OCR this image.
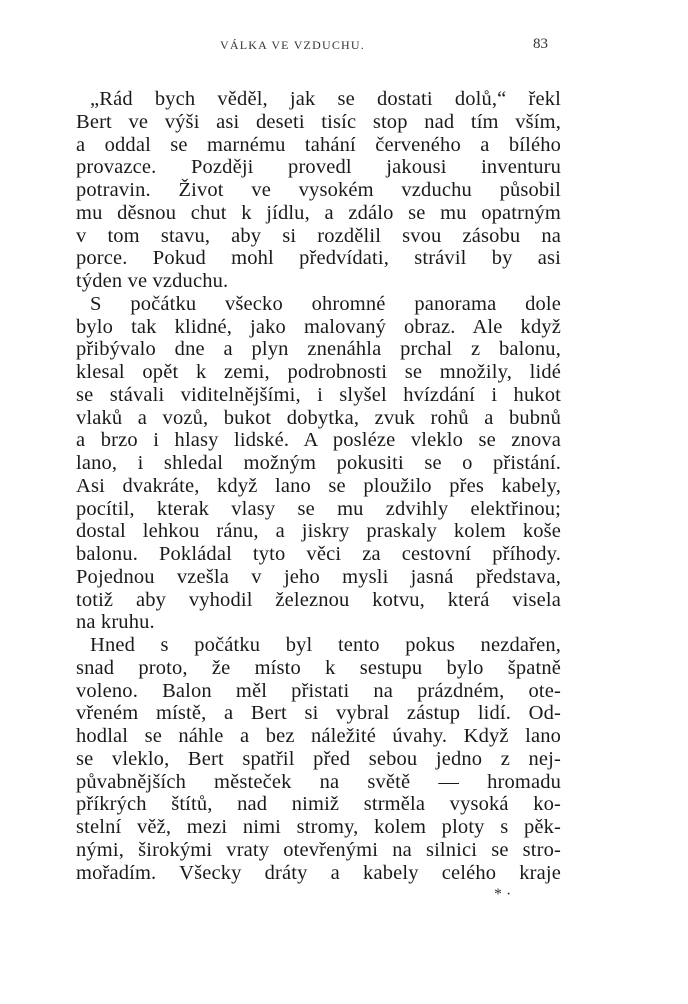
VÁLKA VE VZDUCHU.	83
„Rád bych věděl, jak se dostati dolů,“ řekl
Bert ve výši asi deseti tisíc stop nad tím vším,
a oddal se marnému tahání červeného a bílého
provazce. Později provedl jakousi inventuru
potravin. Život ve vysokém vzduchu působil
mu děsnou chut k jídlu, a zdálo se mu opatrným
v tom stavu, aby si rozdělil svou zásobu na
porce. Pokud mohl předvídati, strávil by asi
týden ve vzduchu.
S počátku všecko ohromné panorama dole
bylo tak klidné, jako malovaný obraz. Ale když
přibývalo dne a plyn znenáhla prchal z balonu,
klesal opět k zemi, podrobnosti se množily, lidé
se stávali viditelnějšími, i slyšel hvízdání i hukot
vlaků a vozů, bukot dobytka, zvuk rohů a bubnů
a brzo i hlasy lidské. A posléze vleklo se znova
lano, i shledal možným pokusiti se o přistání.
Asi dvakráte, když lano se ploužilo přes kabely,
pocítil, kterak vlasy se mu zdvihly elektřinou;
dostal lehkou ránu, a jiskry praskaly kolem koše
balonu. Pokládal tyto věci za cestovní příhody.
Pojednou vzešla v jeho mysli jasná představa,
totiž aby vyhodil železnou kotvu, která visela
na kruhu.
Hned s počátku byl tento pokus nezdařen,
snad proto, že místo k sestupu bylo špatně
voleno. Balon měl přistati na prázdném, ote-
vřeném místě, a Bert si vybral zástup lidí. Od-
hodlal se náhle a bez náležité úvahy. Když lano
se vleklo, Bert spatřil před sebou jedno z nej-
půvabnějších městeček na světě — hromadu
příkrých štítů, nad nimiž strměla vysoká ko-
stelní věž, mezi nimi stromy, kolem ploty s pěk-
nými, širokými vraty otevřenými na silnici se stro-
mořadím. Všecky dráty a kabely celého kraje
* ·
